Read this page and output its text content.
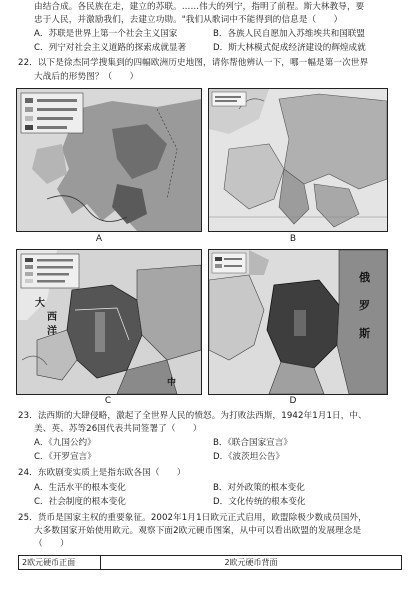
由结合成。各民族在走，建立的苏联。……伟大的列宁，指明了前程。斯大林教导，要
忠于人民，并激励我们，去建立功勋。"我们从歌词中不能得到的信息是（　　）
A．苏联是世界上第一个社会主义国家	B．各族人民自愿加入苏维埃共和国联盟
C．列宁对社会主义道路的探索成就显著	D．斯大林模式促成经济建设的辉煌成就
22．以下是徐杰同学搜集到的四幅欧洲历史地图，请你帮他辨认一下，哪一幅是第一次世界
大战后的形势图？（　　）
A	B
大
西
洋
中
C
俄
罗
斯
D
23．法西斯的大肆侵略，激起了全世界人民的愤怒。为打败法西斯，1942年1月1日，中、
美、英、苏等26国代表共同签署了（　　）
A．《九国公约》	B．《联合国家宣言》
C．《开罗宣言》	D．《波茨坦公告》
24．东欧剧变实质上是指东欧各国（　　）
A．生活水平的根本变化	B．对外政策的根本变化
C．社会制度的根本变化	D．文化传统的根本变化
25．货币是国家主权的重要象征。2002年1月1日欧元正式启用，欧盟除极少数成员国外，
大多数国家开始使用欧元。观察下面2欧元硬币图案，从中可以看出欧盟的发展理念是
（　　）
2欧元硬币正面	2欧元硬币背面
